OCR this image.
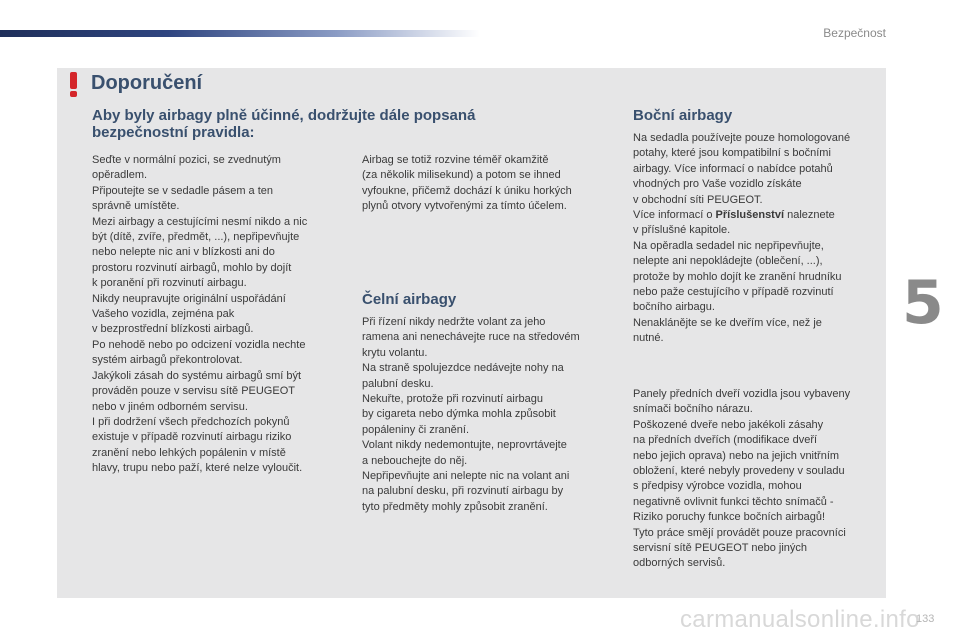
Bezpečnost
5
Doporučení
Aby byly airbagy plně účinné, dodržujte dále popsaná bezpečnostní pravidla:
Seďte v normální pozici, se zvednutým
opěradlem.
Připoutejte se v sedadle pásem a ten
správně umístěte.
Mezi airbagy a cestujícími nesmí nikdo a nic
být (dítě, zvíře, předmět, ...), nepřipevňujte
nebo nelepte nic ani v blízkosti ani do
prostoru rozvinutí airbagů, mohlo by dojít
k poranění při rozvinutí airbagu.
Nikdy neupravujte originální uspořádání
Vašeho vozidla, zejména pak
v bezprostřední blízkosti airbagů.
Po nehodě nebo po odcizení vozidla nechte
systém airbagů překontrolovat.
Jakýkoli zásah do systému airbagů smí být
prováděn pouze v servisu sítě PEUGEOT
nebo v jiném odborném servisu.
I při dodržení všech předchozích pokynů
existuje v případě rozvinutí airbagu riziko
zranění nebo lehkých popálenin v místě
hlavy, trupu nebo paží, které nelze vyloučit.
Airbag se totiž rozvine téměř okamžitě
(za několik milisekund) a potom se ihned
vyfoukne, přičemž dochází k úniku horkých
plynů otvory vytvořenými za tímto účelem.
Čelní airbagy
Při řízení nikdy nedržte volant za jeho
ramena ani nenechávejte ruce na středovém
krytu volantu.
Na straně spolujezdce nedávejte nohy na
palubní desku.
Nekuřte, protože při rozvinutí airbagu
by cigareta nebo dýmka mohla způsobit
popáleniny či zranění.
Volant nikdy nedemontujte, neprovrtávejte
a nebouchejte do něj.
Nepřipevňujte ani nelepte nic na volant ani
na palubní desku, při rozvinutí airbagu by
tyto předměty mohly způsobit zranění.
Boční airbagy
Na sedadla používejte pouze homologované
potahy, které jsou kompatibilní s bočními
airbagy. Více informací o nabídce potahů
vhodných pro Vaše vozidlo získáte
v obchodní síti PEUGEOT.
Více informací o Příslušenství naleznete
v příslušné kapitole.
Na opěradla sedadel nic nepřipevňujte,
nelepte ani nepokládejte (oblečení, ...),
protože by mohlo dojít ke zranění hrudníku
nebo paže cestujícího v případě rozvinutí
bočního airbagu.
Nenaklánějte se ke dveřím více, než je
nutné.
Panely předních dveří vozidla jsou vybaveny
snímači bočního nárazu.
Poškozené dveře nebo jakékoli zásahy
na předních dveřích (modifikace dveří
nebo jejich oprava) nebo na jejich vnitřním
obložení, které nebyly provedeny v souladu
s předpisy výrobce vozidla, mohou
negativně ovlivnit funkci těchto snímačů -
Riziko poruchy funkce bočních airbagů!
Tyto práce smějí provádět pouze pracovníci
servisní sítě PEUGEOT nebo jiných
odborných servisů.
carmanualsonline.info
133
